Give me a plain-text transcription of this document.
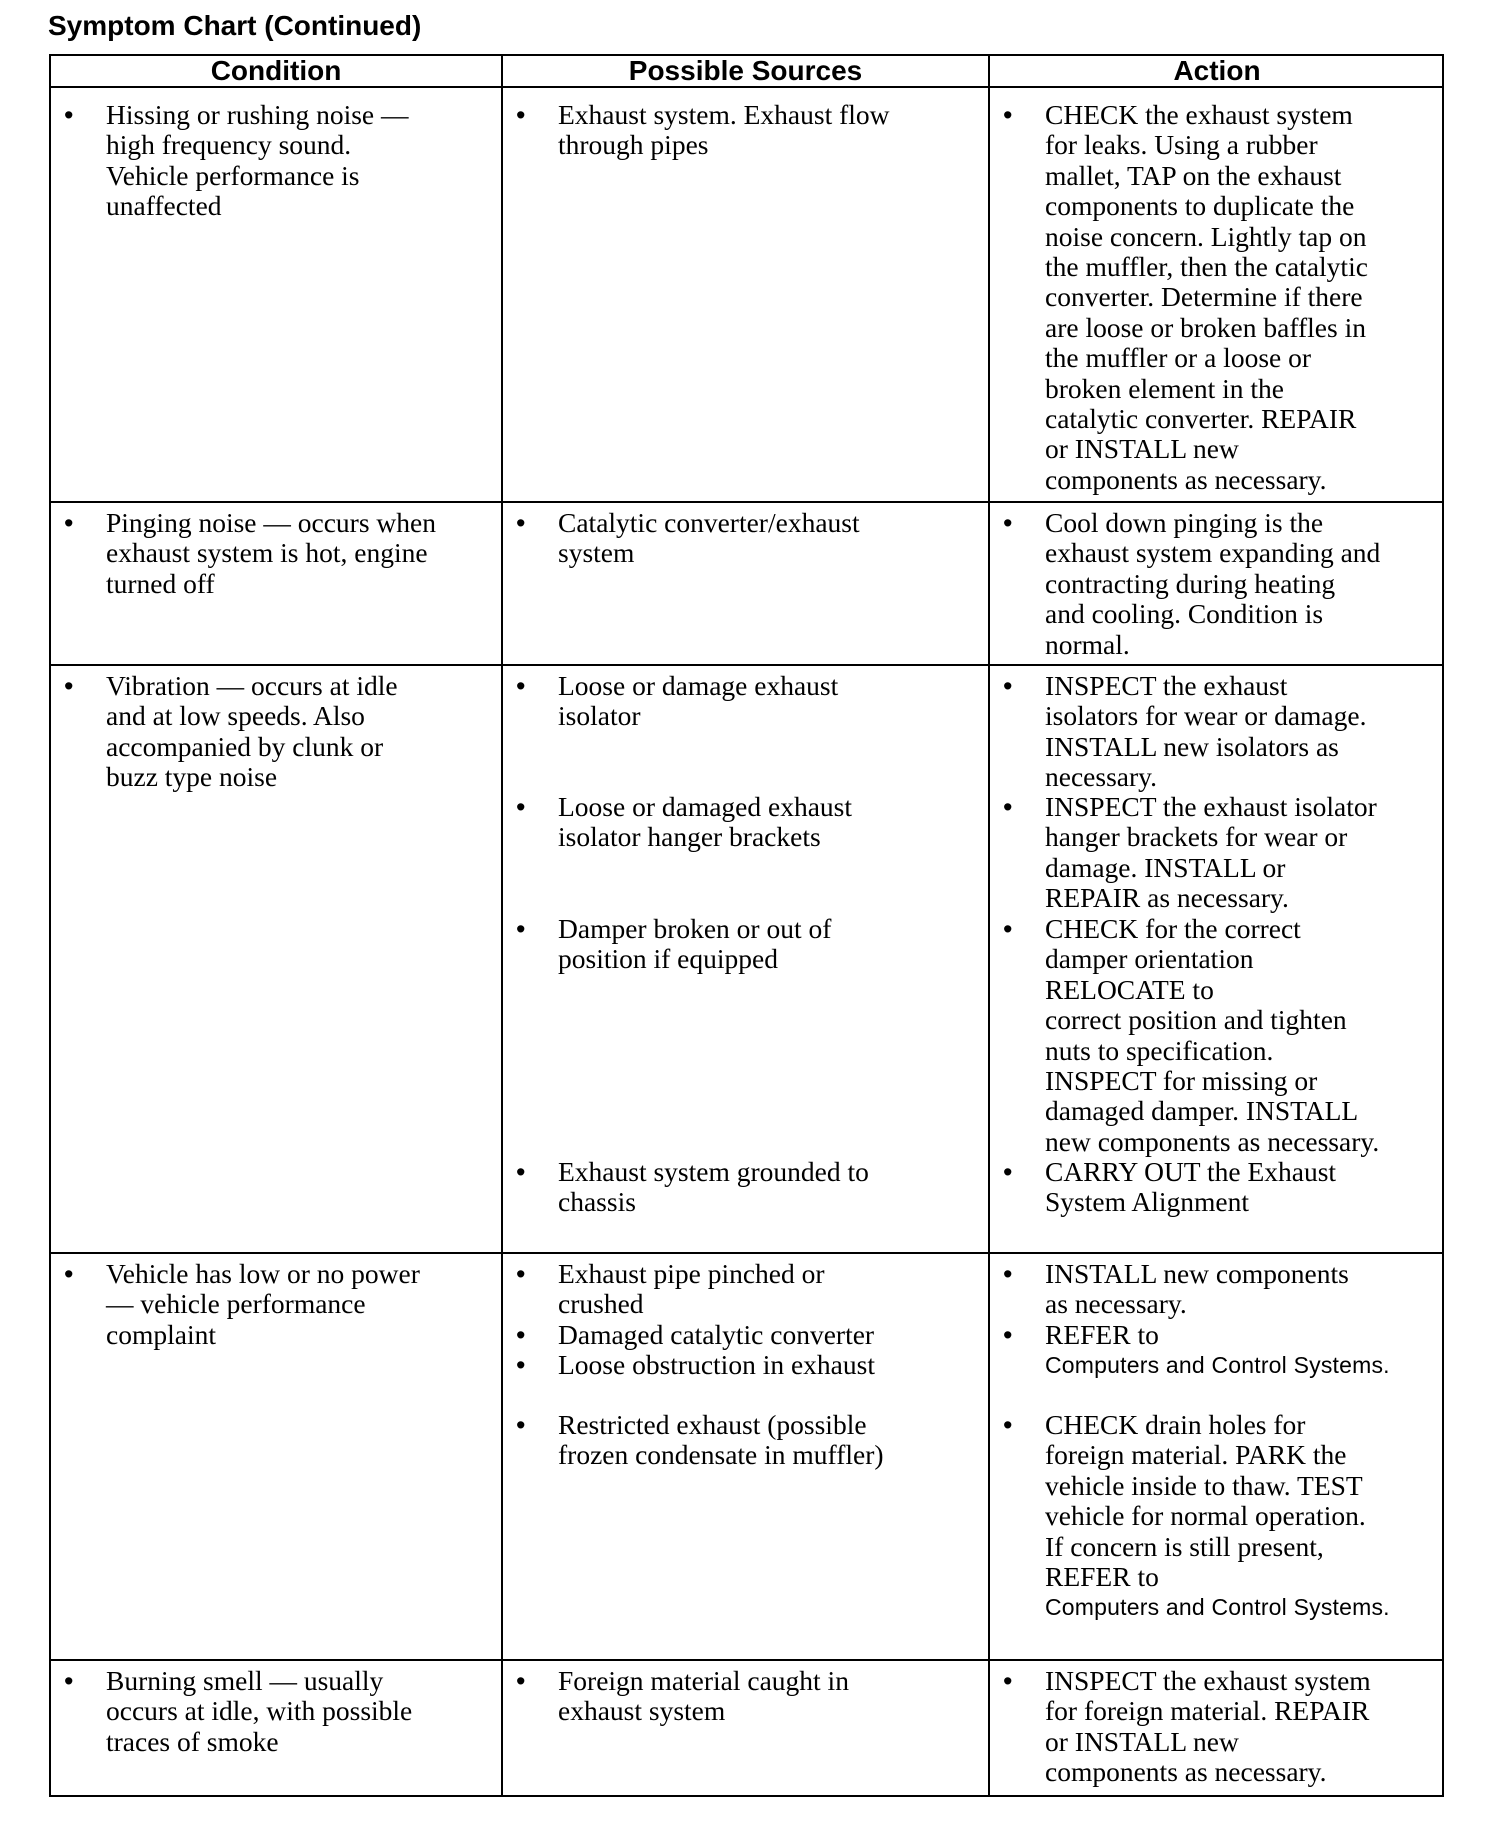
Symptom Chart (Continued)
Condition	Possible Sources	Action
• Hissing or rushing noise —
high frequency sound.
Vehicle performance is
unaffected
• Exhaust system. Exhaust flow
through pipes
• CHECK the exhaust system
for leaks. Using a rubber
mallet, TAP on the exhaust
components to duplicate the
noise concern. Lightly tap on
the muffler, then the catalytic
converter. Determine if there
are loose or broken baffles in
the muffler or a loose or
broken element in the
catalytic converter. REPAIR
or INSTALL new
components as necessary.
• Pinging noise — occurs when
exhaust system is hot, engine
turned off
• Catalytic converter/exhaust
system
• Cool down pinging is the
exhaust system expanding and
contracting during heating
and cooling. Condition is
normal.
• Vibration — occurs at idle
and at low speeds. Also
accompanied by clunk or
buzz type noise
• Loose or damage exhaust
isolator
• Loose or damaged exhaust
isolator hanger brackets
• Damper broken or out of
position if equipped
• Exhaust system grounded to
chassis
• INSPECT the exhaust
isolators for wear or damage.
INSTALL new isolators as
necessary.
• INSPECT the exhaust isolator
hanger brackets for wear or
damage. INSTALL or
REPAIR as necessary.
• CHECK for the correct
damper orientation
RELOCATE to
correct position and tighten
nuts to specification.
INSPECT for missing or
damaged damper. INSTALL
new components as necessary.
• CARRY OUT the Exhaust
System Alignment
• Vehicle has low or no power
— vehicle performance
complaint
• Exhaust pipe pinched or
crushed
• Damaged catalytic converter
• Loose obstruction in exhaust
• Restricted exhaust (possible
frozen condensate in muffler)
• INSTALL new components
as necessary.
• REFER to
Computers and Control Systems.
• CHECK drain holes for
foreign material. PARK the
vehicle inside to thaw. TEST
vehicle for normal operation.
If concern is still present,
REFER to
Computers and Control Systems.
• Burning smell — usually
occurs at idle, with possible
traces of smoke
• Foreign material caught in
exhaust system
• INSPECT the exhaust system
for foreign material. REPAIR
or INSTALL new
components as necessary.
